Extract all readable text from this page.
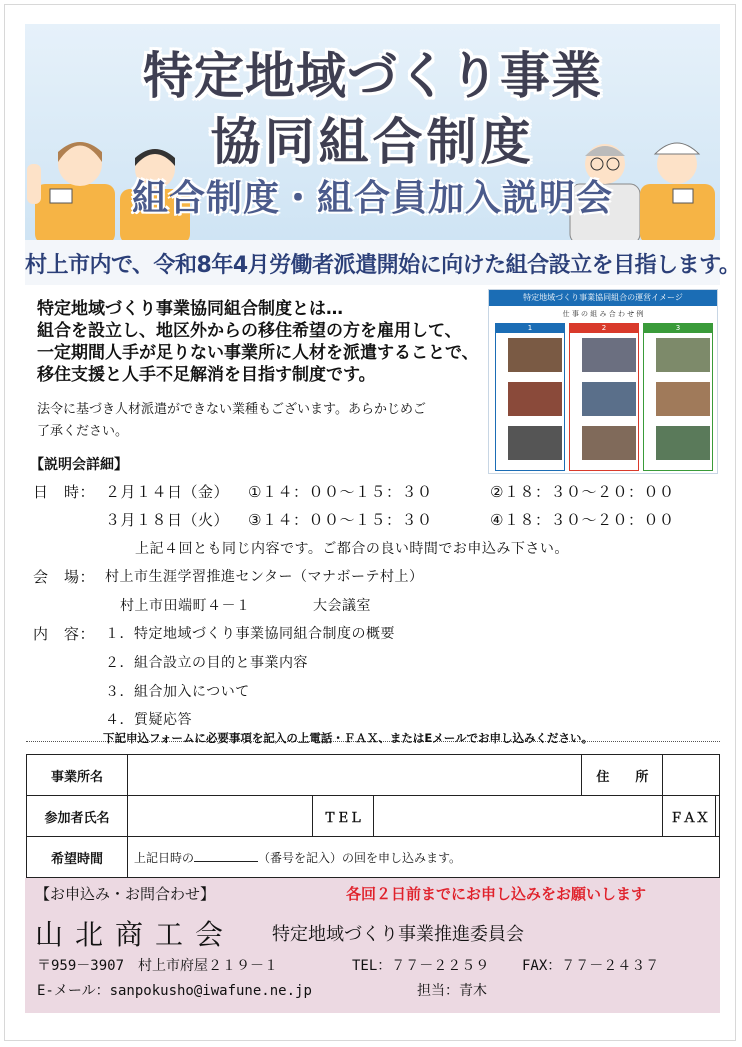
特定地域づくり事業
協同組合制度
組合制度・組合員加入説明会
村上市内で、令和8年4月労働者派遣開始に向けた組合設立を目指します。
特定地域づくり事業協同組合制度とは…
組合を設立し、地区外からの移住希望の方を雇用して、
一定期間人手が足りない事業所に人材を派遣することで、
移住支援と人手不足解消を目指す制度です。
法令に基づき人材派遣ができない業種もございます。あらかじめご
了承ください。
特定地域づくり事業協同組合の運営イメージ
仕 事 の 組 み 合 わ せ 例
1	2	3
【説明会詳細】
日　時： ２月１４日（金） ①１４：００～１５：３０	②１８：３０～２０：００
３月１８日（火） ③１４：００～１５：３０	④１８：３０～２０：００
上記４回とも同じ内容です。ご都合の良い時間でお申込み下さい。
会　場： 村上市生涯学習推進センター（マナボーテ村上）
村上市田端町４－１	大会議室
内　容： １．特定地域づくり事業協同組合制度の概要
２．組合設立の目的と事業内容
３．組合加入について
４．質疑応答
下記申込フォームに必要事項を記入の上電話・ＦＡＸ、またはEメールでお申し込みください。
事業所名				住　　所		
参加者氏名		ＴＥＬ			ＦＡＸ	
希望時間	上記日時の （番号を記入）の回を申し込みます。					
【お申込み・お問合わせ】	各回２日前までにお申し込みをお願いします
山北商工会 特定地域づくり事業推進委員会
〒959－3907　村上市府屋２１９－１	TEL：７７－２２５９ FAX：７７－２４３７
E-メール：sanpokusho@iwafune.ne.jp	担当：青木
